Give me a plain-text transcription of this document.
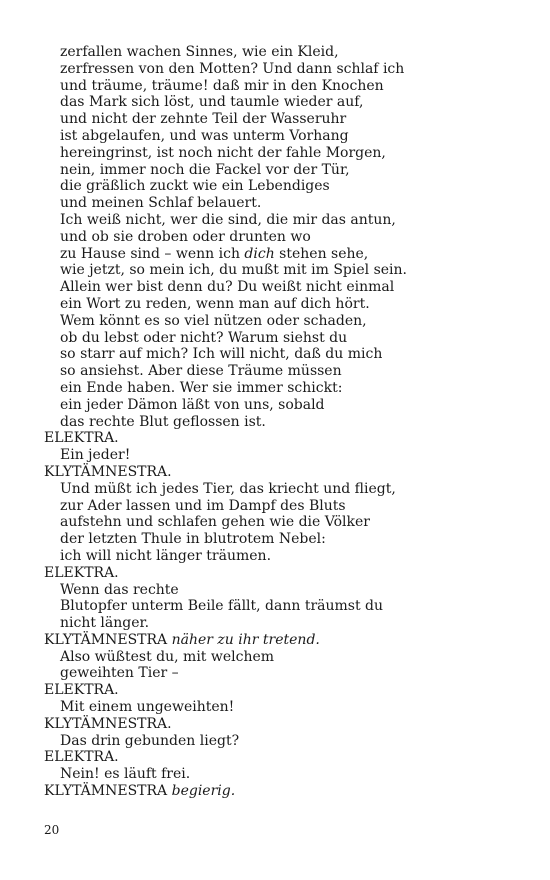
zerfallen wachen Sinnes, wie ein Kleid,
zerfressen von den Motten? Und dann schlaf ich
und träume, träume! daß mir in den Knochen
das Mark sich löst, und taumle wieder auf,
und nicht der zehnte Teil der Wasseruhr
ist abgelaufen, und was unterm Vorhang
hereingrinst, ist noch nicht der fahle Morgen,
nein, immer noch die Fackel vor der Tür,
die gräßlich zuckt wie ein Lebendiges
und meinen Schlaf belauert.
Ich weiß nicht, wer die sind, die mir das antun,
und ob sie droben oder drunten wo
zu Hause sind – wenn ich dich stehen sehe,
wie jetzt, so mein ich, du mußt mit im Spiel sein.
Allein wer bist denn du? Du weißt nicht einmal
ein Wort zu reden, wenn man auf dich hört.
Wem könnt es so viel nützen oder schaden,
ob du lebst oder nicht? Warum siehst du
so starr auf mich? Ich will nicht, daß du mich
so ansiehst. Aber diese Träume müssen
ein Ende haben. Wer sie immer schickt:
ein jeder Dämon läßt von uns, sobald
das rechte Blut geflossen ist.
ELEKTRA.
Ein jeder!
KLYTÄMNESTRA.
Und müßt ich jedes Tier, das kriecht und fliegt,
zur Ader lassen und im Dampf des Bluts
aufstehn und schlafen gehen wie die Völker
der letzten Thule in blutrotem Nebel:
ich will nicht länger träumen.
ELEKTRA.
Wenn das rechte
Blutopfer unterm Beile fällt, dann träumst du
nicht länger.
KLYTÄMNESTRA näher zu ihr tretend.
Also wüßtest du, mit welchem
geweihten Tier –
ELEKTRA.
Mit einem ungeweihten!
KLYTÄMNESTRA.
Das drin gebunden liegt?
ELEKTRA.
Nein! es läuft frei.
KLYTÄMNESTRA begierig.
20
